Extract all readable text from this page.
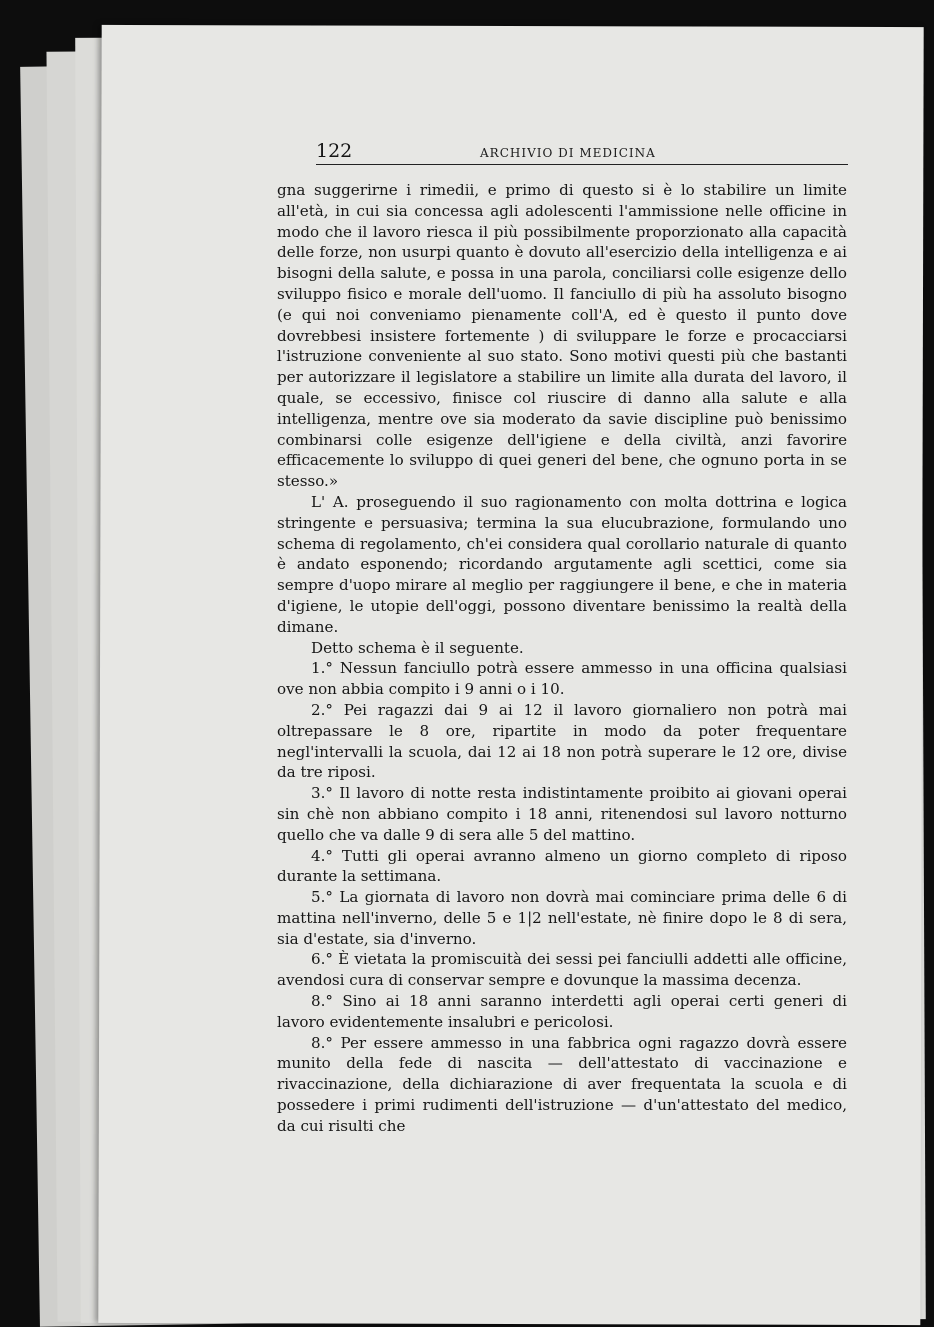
122	ARCHIVIO DI MEDICINA

gna suggerirne i rimedii, e primo di questo si è lo stabilire un limite all'età, in cui sia concessa agli adolescenti l'ammissione nelle officine in modo che il lavoro riesca il più possibilmente proporzionato alla capacità delle forze, non usurpi quanto è dovuto all'esercizio della intelligenza e ai bisogni della salute, e possa in una parola, conciliarsi colle esigenze dello sviluppo fisico e morale dell'uomo. Il fanciullo di più ha assoluto bisogno (e qui noi conveniamo pienamente coll'A, ed è questo il punto dove dovrebbesi insistere fortemente ) di sviluppare le forze e procacciarsi l'istruzione conveniente al suo stato. Sono motivi questi più che bastanti per autorizzare il legislatore a stabilire un limite alla durata del lavoro, il quale, se eccessivo, finisce col riuscire di danno alla salute e alla intelligenza, mentre ove sia moderato da savie discipline può benissimo combinarsi colle esigenze dell'igiene e della civiltà, anzi favorire efficacemente lo sviluppo di quei generi del bene, che ognuno porta in se stesso.»

L' A. proseguendo il suo ragionamento con molta dottrina e logica stringente e persuasiva; termina la sua elucubrazione, formulando uno schema di regolamento, ch'ei considera qual corollario naturale di quanto è andato esponendo; ricordando argutamente agli scettici, come sia sempre d'uopo mirare al meglio per raggiungere il bene, e che in materia d'igiene, le utopie dell'oggi, possono diventare benissimo la realtà della dimane.

Detto schema è il seguente.

1.° Nessun fanciullo potrà essere ammesso in una officina qualsiasi ove non abbia compito i 9 anni o i 10.

2.° Pei ragazzi dai 9 ai 12 il lavoro giornaliero non potrà mai oltrepassare le 8 ore, ripartite in modo da poter frequentare negl'intervalli la scuola, dai 12 ai 18 non potrà superare le 12 ore, divise da tre riposi.

3.° Il lavoro di notte resta indistintamente proibito ai giovani operai sin chè non abbiano compito i 18 anni, ritenendosi sul lavoro notturno quello che va dalle 9 di sera alle 5 del mattino.

4.° Tutti gli operai avranno almeno un giorno completo di riposo durante la settimana.

5.° La giornata di lavoro non dovrà mai cominciare prima delle 6 di mattina nell'inverno, delle 5 e 1|2 nell'estate, nè finire dopo le 8 di sera, sia d'estate, sia d'inverno.

6.° È vietata la promiscuità dei sessi pei fanciulli addetti alle officine, avendosi cura di conservar sempre e dovunque la massima decenza.

8.° Sino ai 18 anni saranno interdetti agli operai certi generi di lavoro evidentemente insalubri e pericolosi.

8.° Per essere ammesso in una fabbrica ogni ragazzo dovrà essere munito della fede di nascita — dell'attestato di vaccinazione e rivaccinazione, della dichiarazione di aver frequentata la scuola e di possedere i primi rudimenti dell'istruzione — d'un'attestato del medico, da cui risulti che
